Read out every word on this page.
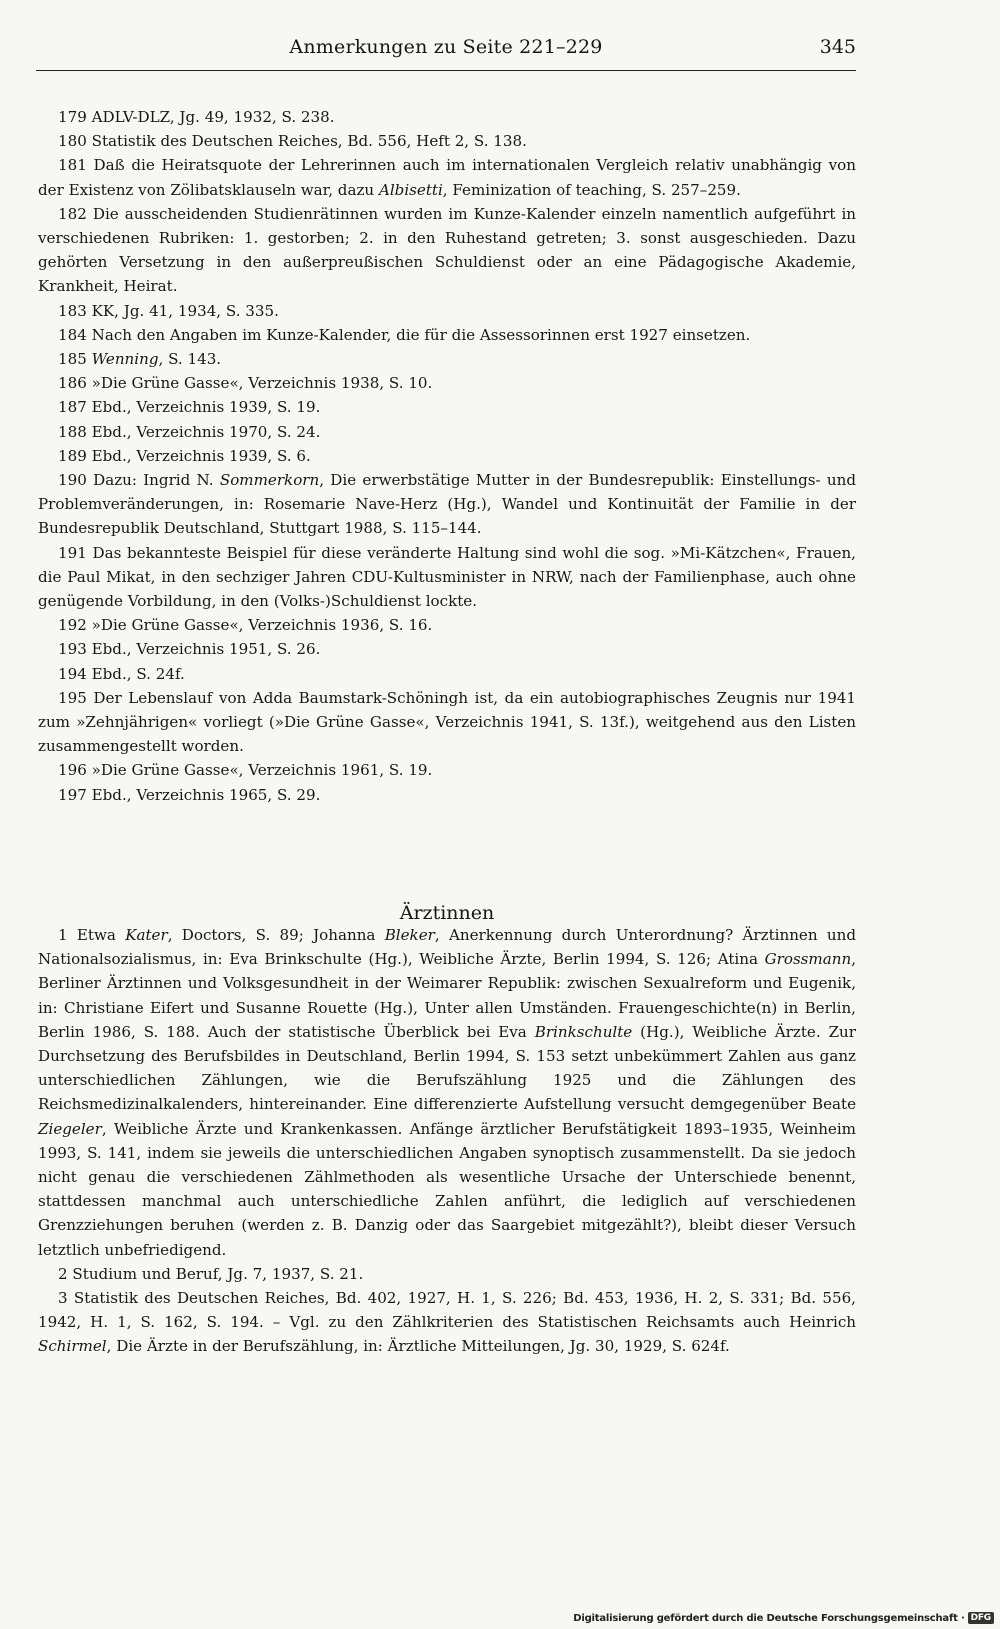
Anmerkungen zu Seite 221–229	345

179 ADLV-DLZ, Jg. 49, 1932, S. 238.

180 Statistik des Deutschen Reiches, Bd. 556, Heft 2, S. 138.

181 Daß die Heiratsquote der Lehrerinnen auch im internationalen Vergleich relativ unabhängig von der Existenz von Zölibatsklauseln war, dazu Albisetti, Feminization of teaching, S. 257–259.

182 Die ausscheidenden Studienrätinnen wurden im Kunze-Kalender einzeln namentlich aufgeführt in verschiedenen Rubriken: 1. gestorben; 2. in den Ruhestand getreten; 3. sonst ausgeschieden. Dazu gehörten Versetzung in den außerpreußischen Schuldienst oder an eine Pädagogische Akademie, Krankheit, Heirat.

183 KK, Jg. 41, 1934, S. 335.

184 Nach den Angaben im Kunze-Kalender, die für die Assessorinnen erst 1927 einsetzen.

185 Wenning, S. 143.

186 »Die Grüne Gasse«, Verzeichnis 1938, S. 10.

187 Ebd., Verzeichnis 1939, S. 19.

188 Ebd., Verzeichnis 1970, S. 24.

189 Ebd., Verzeichnis 1939, S. 6.

190 Dazu: Ingrid N. Sommerkorn, Die erwerbstätige Mutter in der Bundesrepublik: Einstellungs- und Problemveränderungen, in: Rosemarie Nave-Herz (Hg.), Wandel und Kontinuität der Familie in der Bundesrepublik Deutschland, Stuttgart 1988, S. 115–144.

191 Das bekannteste Beispiel für diese veränderte Haltung sind wohl die sog. »Mi-Kätzchen«, Frauen, die Paul Mikat, in den sechziger Jahren CDU-Kultusminister in NRW, nach der Familienphase, auch ohne genügende Vorbildung, in den (Volks-)Schuldienst lockte.

192 »Die Grüne Gasse«, Verzeichnis 1936, S. 16.

193 Ebd., Verzeichnis 1951, S. 26.

194 Ebd., S. 24f.

195 Der Lebenslauf von Adda Baumstark-Schöningh ist, da ein autobiographisches Zeugnis nur 1941 zum »Zehnjährigen« vorliegt (»Die Grüne Gasse«, Verzeichnis 1941, S. 13f.), weitgehend aus den Listen zusammengestellt worden.

196 »Die Grüne Gasse«, Verzeichnis 1961, S. 19.

197 Ebd., Verzeichnis 1965, S. 29.

Ärztinnen

1 Etwa Kater, Doctors, S. 89; Johanna Bleker, Anerkennung durch Unterordnung? Ärztinnen und Nationalsozialismus, in: Eva Brinkschulte (Hg.), Weibliche Ärzte, Berlin 1994, S. 126; Atina Grossmann, Berliner Ärztinnen und Volksgesundheit in der Weimarer Republik: zwischen Sexualreform und Eugenik, in: Christiane Eifert und Susanne Rouette (Hg.), Unter allen Umständen. Frauengeschichte(n) in Berlin, Berlin 1986, S. 188. Auch der statistische Überblick bei Eva Brinkschulte (Hg.), Weibliche Ärzte. Zur Durchsetzung des Berufsbildes in Deutschland, Berlin 1994, S. 153 setzt unbekümmert Zahlen aus ganz unterschiedlichen Zählungen, wie die Berufszählung 1925 und die Zählungen des Reichsmedizinalkalenders, hintereinander. Eine differenzierte Aufstellung versucht demgegenüber Beate Ziegeler, Weibliche Ärzte und Krankenkassen. Anfänge ärztlicher Berufstätigkeit 1893–1935, Weinheim 1993, S. 141, indem sie jeweils die unterschiedlichen Angaben synoptisch zusammenstellt. Da sie jedoch nicht genau die verschiedenen Zählmethoden als wesentliche Ursache der Unterschiede benennt, stattdessen manchmal auch unterschiedliche Zahlen anführt, die lediglich auf verschiedenen Grenzziehungen beruhen (werden z. B. Danzig oder das Saargebiet mitgezählt?), bleibt dieser Versuch letztlich unbefriedigend.

2 Studium und Beruf, Jg. 7, 1937, S. 21.

3 Statistik des Deutschen Reiches, Bd. 402, 1927, H. 1, S. 226; Bd. 453, 1936, H. 2, S. 331; Bd. 556, 1942, H. 1, S. 162, S. 194. – Vgl. zu den Zählkriterien des Statistischen Reichsamts auch Heinrich Schirmel, Die Ärzte in der Berufszählung, in: Ärztliche Mitteilungen, Jg. 30, 1929, S. 624f.

Digitalisierung gefördert durch die Deutsche Forschungsgemeinschaft · DFG
